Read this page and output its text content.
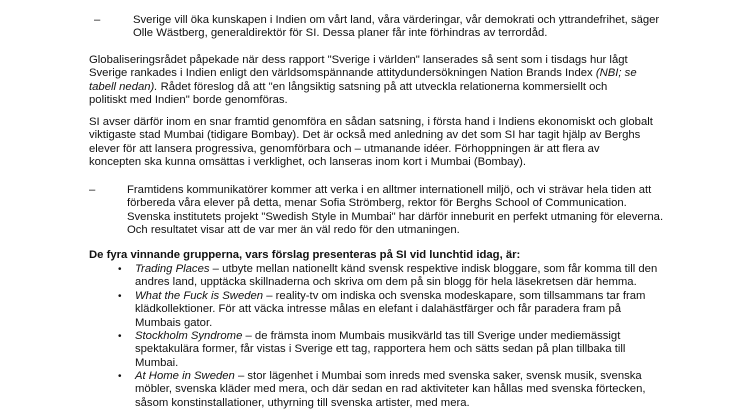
–	Sverige vill öka kunskapen i Indien om vårt land, våra värderingar, vår demokrati och yttrandefrihet, säger
Olle Wästberg, generaldirektör för SI. Dessa planer får inte förhindras av terrordåd.
Globaliseringsrådet påpekade när dess rapport "Sverige i världen" lanserades så sent som i tisdags hur lågt
Sverige rankades i Indien enligt den världsomspännande attitydundersökningen Nation Brands Index (NBI; se
tabell nedan). Rådet föreslog då att "en långsiktig satsning på att utveckla relationerna kommersiellt och
politiskt med Indien" borde genomföras.
SI avser därför inom en snar framtid genomföra en sådan satsning, i första hand i Indiens ekonomiskt och globalt
viktigaste stad Mumbai (tidigare Bombay). Det är också med anledning av det som SI har tagit hjälp av Berghs
elever för att lansera progressiva, genomförbara och – utmanande idéer. Förhoppningen är att flera av
koncepten ska kunna omsättas i verklighet, och lanseras inom kort i Mumbai (Bombay).
–	Framtidens kommunikatörer kommer att verka i en alltmer internationell miljö, och vi strävar hela tiden att
förbereda våra elever på detta, menar Sofia Strömberg, rektor för Berghs School of Communication.
Svenska institutets projekt "Swedish Style in Mumbai" har därför inneburit en perfekt utmaning för eleverna.
Och resultatet visar att de var mer än väl redo för den utmaningen.
De fyra vinnande grupperna, vars förslag presenteras på SI vid lunchtid idag, är:
• Trading Places – utbyte mellan nationellt känd svensk respektive indisk bloggare, som får komma till den
andres land, upptäcka skillnaderna och skriva om dem på sin blogg för hela läsekretsen där hemma.
• What the Fuck is Sweden – reality-tv om indiska och svenska modeskapare, som tillsammans tar fram
klädkollektioner. För att väcka intresse målas en elefant i dalahästfärger och får paradera fram på
Mumbais gator.
• Stockholm Syndrome – de främsta inom Mumbais musikvärld tas till Sverige under mediemässigt
spektakulära former, får vistas i Sverige ett tag, rapportera hem och sätts sedan på plan tillbaka till
Mumbai.
• At Home in Sweden – stor lägenhet i Mumbai som inreds med svenska saker, svensk musik, svenska
möbler, svenska kläder med mera, och där sedan en rad aktiviteter kan hållas med svenska förtecken,
såsom konstinstallationer, uthyrning till svenska artister, med mera.
